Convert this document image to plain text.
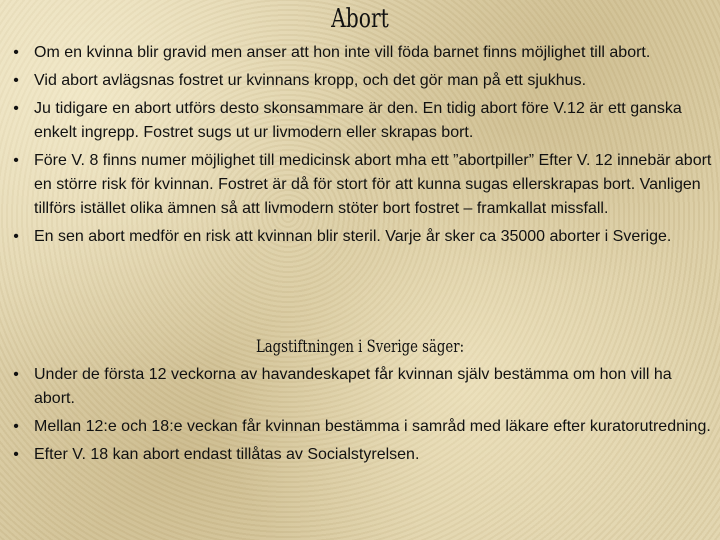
Abort
• Om en kvinna blir gravid men anser att hon inte vill föda barnet finns möjlighet till abort.
• Vid abort avlägsnas fostret ur kvinnans kropp, och det gör man på ett sjukhus.
• Ju tidigare en abort utförs desto skonsammare är den. En tidig abort före V.12 är ett ganska enkelt ingrepp. Fostret sugs ut ur livmodern eller skrapas bort.
• Före V. 8 finns numer möjlighet till medicinsk abort mha ett ”abortpiller” Efter V. 12 innebär abort en större risk för kvinnan. Fostret är då för stort för att kunna sugas ellerskrapas bort. Vanligen tillförs istället olika ämnen så att livmodern stöter bort fostret – framkallat missfall.
• En sen abort medför en risk att kvinnan blir steril. Varje år sker ca 35000 aborter i Sverige.
Lagstiftningen i Sverige säger:
• Under de första 12 veckorna av havandeskapet får kvinnan själv bestämma om hon vill ha abort.
• Mellan 12:e och 18:e veckan får kvinnan bestämma i samråd med läkare efter kuratorutredning.
• Efter V. 18 kan abort endast tillåtas av Socialstyrelsen.
